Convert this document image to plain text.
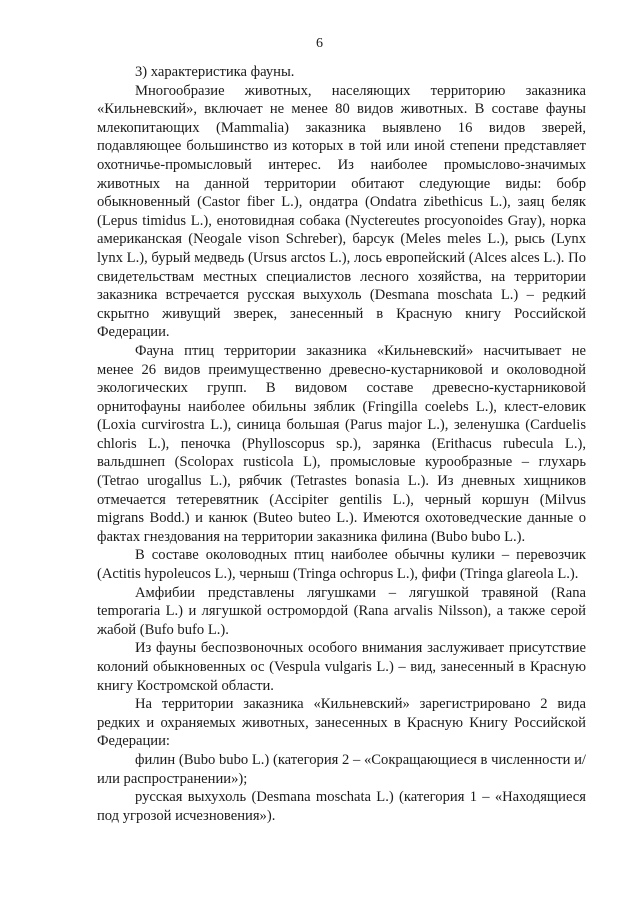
6

3) характеристика фауны.

Многообразие животных, населяющих территорию заказника «Кильневский», включает не менее 80 видов животных. В составе фауны млекопитающих (Mammalia) заказника выявлено 16 видов зверей, подавляющее большинство из которых в той или иной степени представляет охотничье-промысловый интерес. Из наиболее промыслово-значимых животных на данной территории обитают следующие виды: бобр обыкновенный (Castor fiber L.), ондатра (Ondatra zibethicus L.), заяц беляк (Lepus timidus L.), енотовидная собака (Nyctereutes procyonoides Gray), норка американская (Neogale vison Schreber), барсук (Meles meles L.), рысь (Lynx lynx L.), бурый медведь (Ursus arctos L.), лось европейский (Alces alces L.). По свидетельствам местных специалистов лесного хозяйства, на территории заказника встречается русская выхухоль (Desmana moschata L.) – редкий скрытно живущий зверек, занесенный в Красную книгу Российской Федерации.

Фауна птиц территории заказника «Кильневский» насчитывает не менее 26 видов преимущественно древесно-кустарниковой и околоводной экологических групп. В видовом составе древесно-кустарниковой орнитофауны наиболее обильны зяблик (Fringilla coelebs L.), клест-еловик (Loxia curvirostra L.), синица большая (Parus major L.), зеленушка (Carduelis chloris L.), пеночка (Phylloscopus sp.), зарянка (Erithacus rubecula L.), вальдшнеп (Scolopax rusticola L), промысловые курообразные – глухарь (Tetrao urogallus L.), рябчик (Tetrastes bonasia L.). Из дневных хищников отмечается тетеревятник (Accipiter gentilis L.), черный коршун (Milvus migrans Bodd.) и канюк (Buteo buteo L.). Имеются охотоведческие данные о фактах гнездования на территории заказника филина (Bubo bubo L.).

В составе околоводных птиц наиболее обычны кулики – перевозчик (Actitis hypoleucos L.), черныш (Tringa ochropus L.), фифи (Tringa glareola L.).

Амфибии представлены лягушками – лягушкой травяной (Rana temporaria L.) и лягушкой остромордой (Rana arvalis Nilsson), а также серой жабой (Bufo bufo L.).

Из фауны беспозвоночных особого внимания заслуживает присутствие колоний обыкновенных ос (Vespula vulgaris L.) – вид, занесенный в Красную книгу Костромской области.

На территории заказника «Кильневский» зарегистрировано 2 вида редких и охраняемых животных, занесенных в Красную Книгу Российской Федерации:

филин (Bubo bubo L.) (категория 2 – «Сокращающиеся в численности и/или распространении»);

русская выхухоль (Desmana moschata L.) (категория 1 – «Находящиеся под угрозой исчезновения»).
